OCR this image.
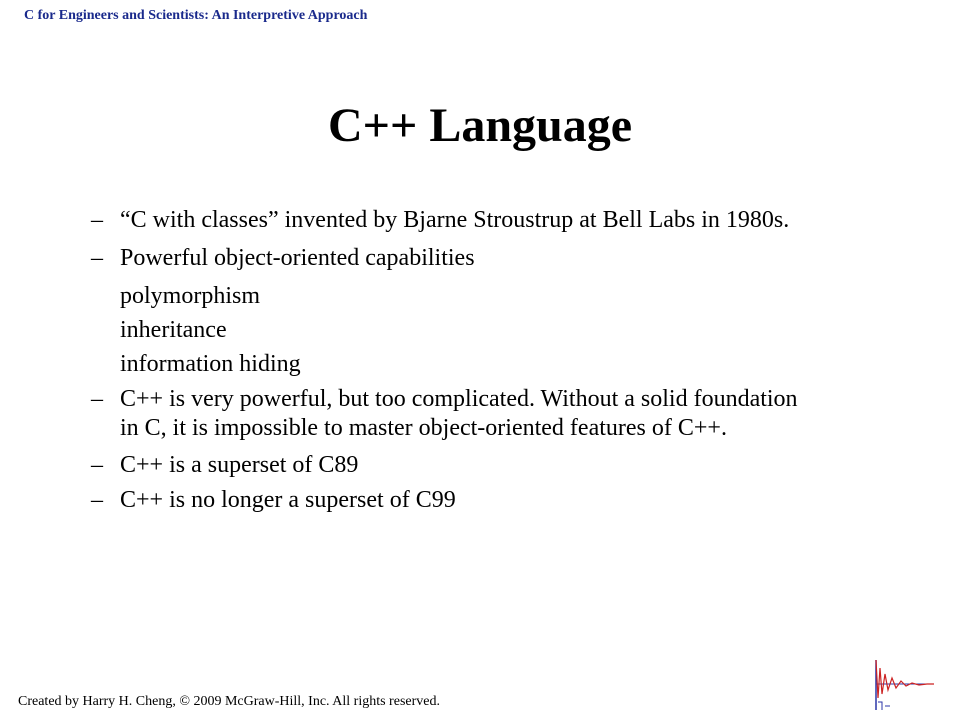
C for Engineers and Scientists: An Interpretive Approach
C++ Language
– “C with classes” invented by Bjarne Stroustrup at Bell Labs in 1980s.
– Powerful object-oriented capabilities
polymorphism
inheritance
information hiding
– C++ is very powerful, but too complicated. Without a solid foundation
in C, it is impossible to master object-oriented features of C++.
– C++ is a superset of C89
– C++ is no longer a superset of C99
Created by Harry H. Cheng, © 2009 McGraw-Hill, Inc. All rights reserved.
